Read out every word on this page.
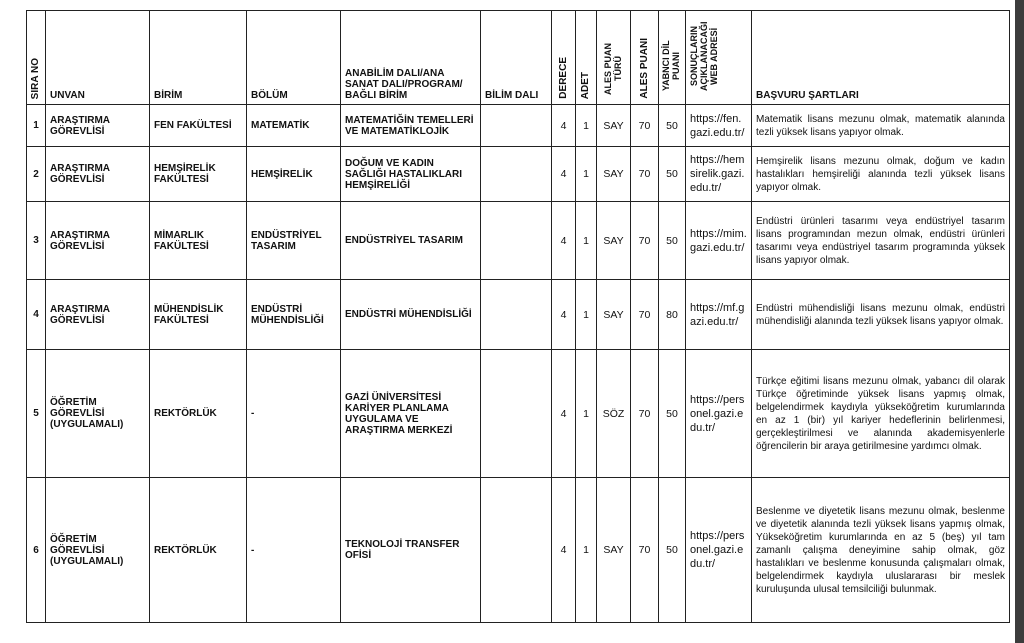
SIRA NO	UNVAN	BİRİM	BÖLÜM	ANABİLİM DALI/ANA SANAT DALI/PROGRAM/ BAĞLI BİRİM	BİLİM DALI	DERECE	ADET	ALES PUAN TÜRÜ	ALES PUANI	YABNCI DİL PUANI	SONUÇLARIN AÇIKLANACAĞI WEB ADRESİ	BAŞVURU ŞARTLARI
1	ARAŞTIRMA GÖREVLİSİ	FEN FAKÜLTESİ	MATEMATİK	MATEMATİĞİN TEMELLERİ VE MATEMATİKLOJİK		4	1	SAY	70	50	https://fen.gazi.edu.tr/	Matematik lisans mezunu olmak, matematik alanında tezli yüksek lisans yapıyor olmak.
2	ARAŞTIRMA GÖREVLİSİ	HEMŞİRELİK FAKÜLTESİ	HEMŞİRELİK	DOĞUM VE KADIN SAĞLIĞI HASTALIKLARI HEMŞİRELİĞİ		4	1	SAY	70	50	https://hemsirelik.gazi.edu.tr/	Hemşirelik lisans mezunu olmak, doğum ve kadın hastalıkları hemşireliği alanında tezli yüksek lisans yapıyor olmak.
3	ARAŞTIRMA GÖREVLİSİ	MİMARLIK FAKÜLTESİ	ENDÜSTRİYEL TASARIM	ENDÜSTRİYEL TASARIM		4	1	SAY	70	50	https://mim.gazi.edu.tr/	Endüstri ürünleri tasarımı veya endüstriyel tasarım lisans programından mezun olmak, endüstri ürünleri tasarımı veya endüstriyel tasarım programında yüksek lisans yapıyor olmak.
4	ARAŞTIRMA GÖREVLİSİ	MÜHENDİSLİK FAKÜLTESİ	ENDÜSTRİ MÜHENDİSLİĞİ	ENDÜSTRİ MÜHENDİSLİĞİ		4	1	SAY	70	80	https://mf.gazi.edu.tr/	Endüstri mühendisliği lisans mezunu olmak, endüstri mühendisliği alanında tezli yüksek lisans yapıyor olmak.
5	ÖĞRETİM GÖREVLİSİ (UYGULAMALI)	REKTÖRLÜK	-	GAZİ ÜNİVERSİTESİ KARİYER PLANLAMA UYGULAMA VE ARAŞTIRMA MERKEZİ		4	1	SÖZ	70	50	https://personel.gazi.edu.tr/	Türkçe eğitimi lisans mezunu olmak, yabancı dil olarak Türkçe öğretiminde yüksek lisans yapmış olmak, belgelendirmek kaydıyla yükseköğretim kurumlarında en az 1 (bir) yıl kariyer hedeflerinin belirlenmesi, gerçekleştirilmesi ve alanında akademisyenlerle öğrencilerin bir araya getirilmesine yardımcı olmak.
6	ÖĞRETİM GÖREVLİSİ (UYGULAMALI)	REKTÖRLÜK	-	TEKNOLOJİ TRANSFER OFİSİ		4	1	SAY	70	50	https://personel.gazi.edu.tr/	Beslenme ve diyetetik lisans mezunu olmak, beslenme ve diyetetik alanında tezli yüksek lisans yapmış olmak, Yükseköğretim kurumlarında en az 5 (beş) yıl tam zamanlı çalışma deneyimine sahip olmak, göz hastalıkları ve beslenme konusunda çalışmaları olmak, belgelendirmek kaydıyla uluslararası bir meslek kuruluşunda ulusal temsilciliği bulunmak.
